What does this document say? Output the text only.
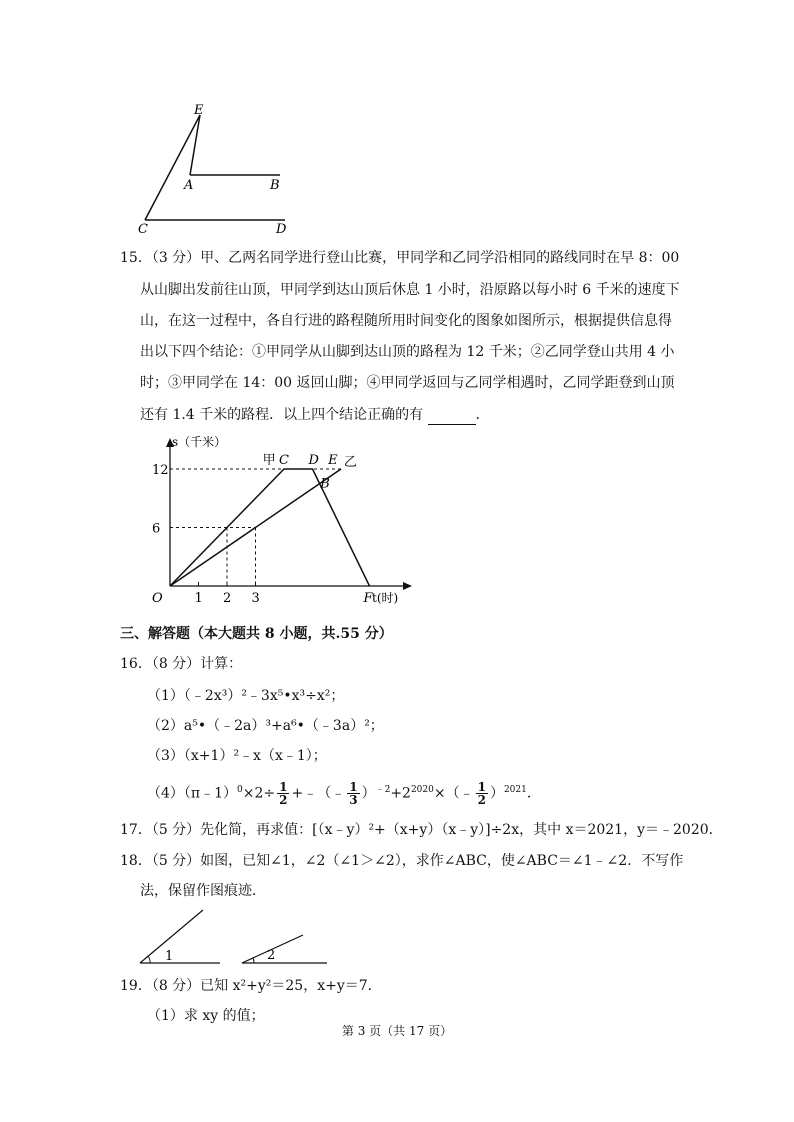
E
A	B
C	D
15．（3 分）甲、乙两名同学进行登山比赛，甲同学和乙同学沿相同的路线同时在早 8：00
从山脚出发前往山顶，甲同学到达山顶后休息 1 小时，沿原路以每小时 6 千米的速度下
山，在这一过程中，各自行进的路程随所用时间变化的图象如图所示，根据提供信息得
出以下四个结论：①甲同学从山脚到达山顶的路程为 12 千米；②乙同学登山共用 4 小
时；③甲同学在 14：00 返回山脚；④甲同学返回与乙同学相遇时，乙同学距登到山顶
还有 1.4 千米的路程．以上四个结论正确的有	．
s（千米）
t(时)
O
6
12
1 2 3
甲	乙
C D E
B
F
三、解答题（本大题共 8 小题，共.55 分）
16．（8 分）计算：
（1）（﹣2x³）²﹣3x⁵•x³÷x²；
（2）a⁵•（﹣2a）³+a⁶•（﹣3a）²；
（3）（x+1）²﹣x（x﹣1）；
（4）（π﹣1）$^0$×2÷ $\frac{1}{2}$ +﹣（﹣ $\frac{1}{3}$ ）$^{﹣2}+2^{2020}\times(﹣ \frac{1}{2} )^{2021}$．
17．（5 分）先化简，再求值：[（x﹣y）²+（x+y）（x﹣y）]÷2x，其中 x＝2021，y＝﹣2020．
18．（5 分）如图，已知∠1，∠2（∠1＞∠2），求作∠ABC，使∠ABC＝∠1﹣∠2．不写作
法，保留作图痕迹．
1	2
19．（8 分）已知 x²+y²＝25，x+y＝7．
（1）求 xy 的值；
第 3 页（共 17 页）
